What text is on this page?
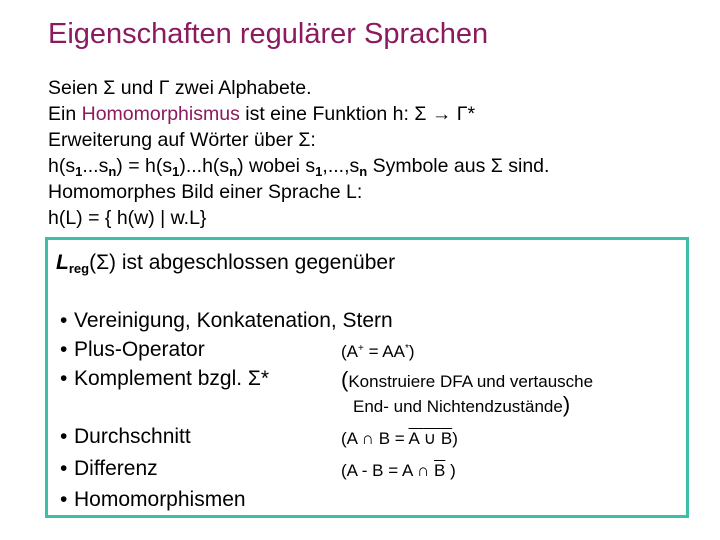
Eigenschaften regulärer Sprachen
Seien Σ und Γ zwei Alphabete.
Ein Homomorphismus ist eine Funktion h: Σ → Γ*
Erweiterung auf Wörter über Σ:
$h(s_1...s_n) = h(s_1)...h(s_n)$ wobei $s_1,...,s_n$ Symbole aus Σ sind.
Homomorphes Bild einer Sprache L:
h(L) = { h(w) | w.L}
$L_{reg}(\Sigma)$ ist abgeschlossen gegenüber
• Vereinigung, Konkatenation, Stern
• Plus-Operator
• Komplement bzgl. Σ*
• Durchschnitt
• Differenz
• Homomorphismen
(A+ = AA*)
(Konstruiere DFA und vertausche
End- und Nichtendzustände)
(A ∩ $B = \overline{A}$ ∪ $\overline{B}$)
(A - B = A ∩ $\overline{B}$ )
